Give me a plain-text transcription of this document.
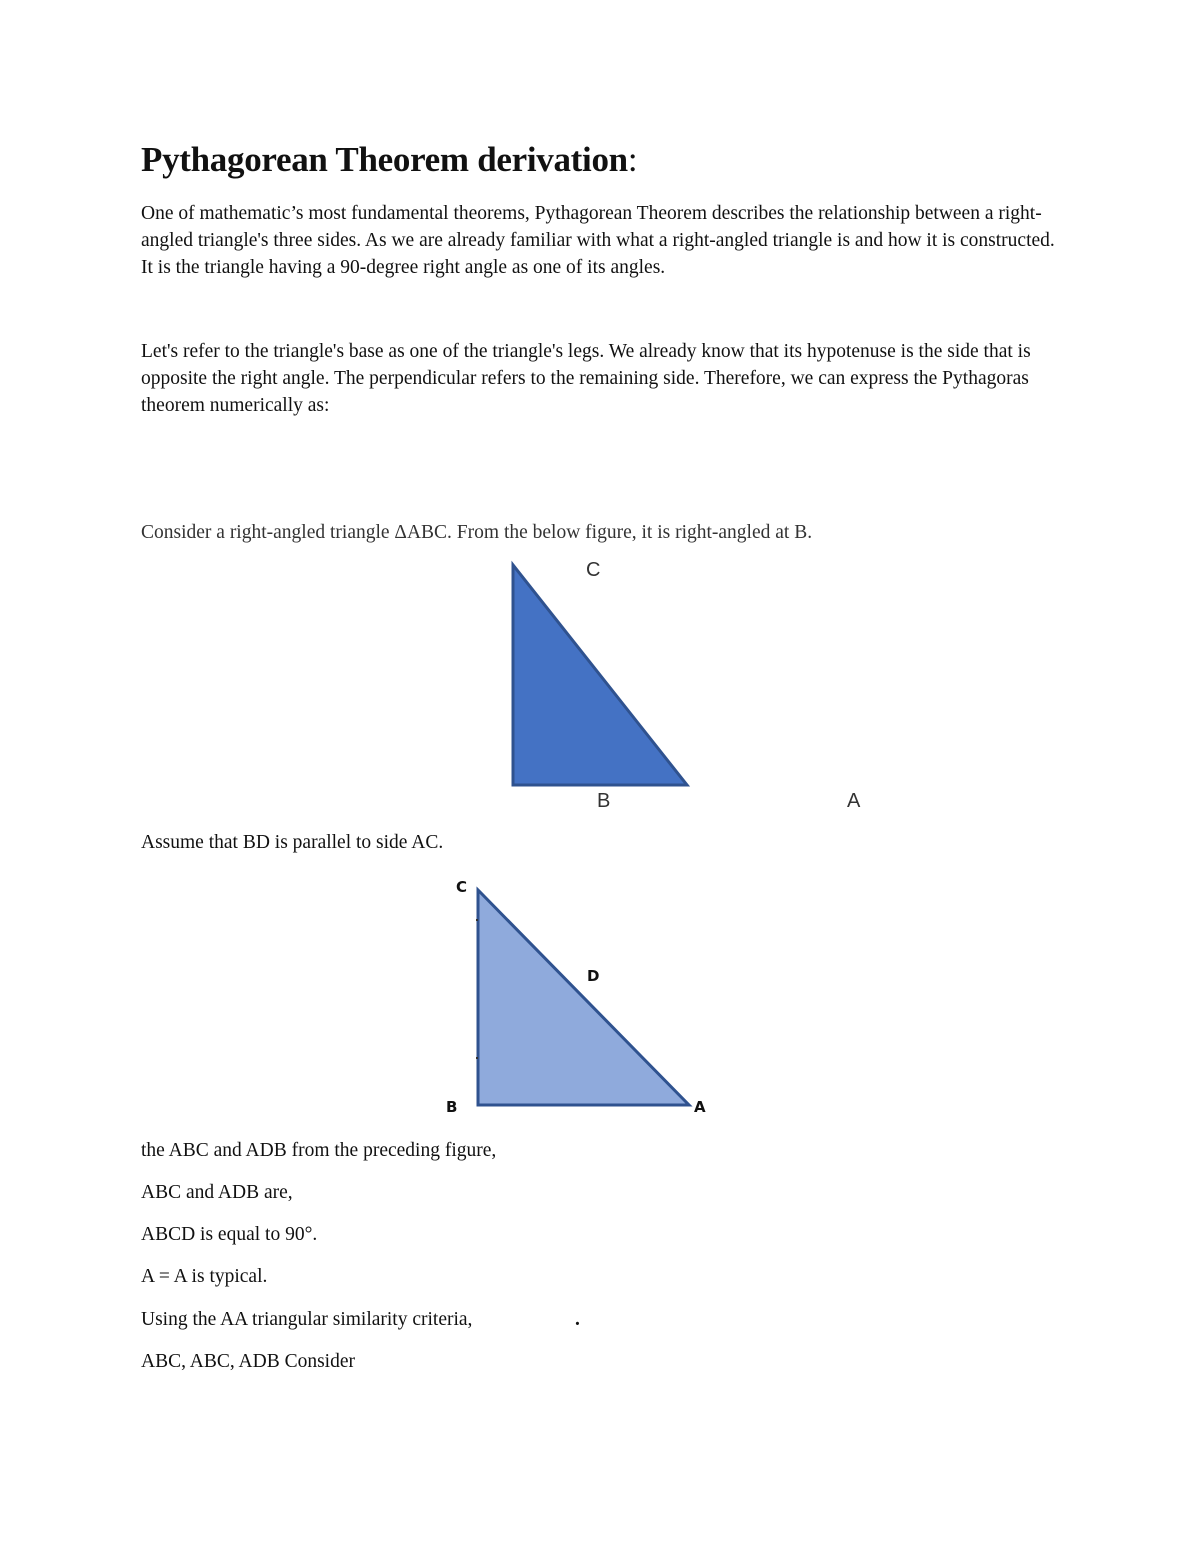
Pythagorean Theorem derivation:
One of mathematic’s most fundamental theorems, Pythagorean Theorem describes the relationship between a right-angled triangle's three sides. As we are already familiar with what a right-angled triangle is and how it is constructed. It is the triangle having a 90-degree right angle as one of its angles.
Let's refer to the triangle's base as one of the triangle's legs. We already know that its hypotenuse is the side that is opposite the right angle. The perpendicular refers to the remaining side. Therefore, we can express the Pythagoras theorem numerically as:
Consider a right-angled triangle ΔABC. From the below figure, it is right-angled at B.
C
B	A
Assume that BD is parallel to side AC.
C
D
B	A
the ABC and ADB from the preceding figure,
ABC and ADB are,
ABCD is equal to 90°.
A = A is typical.
Using the AA triangular similarity criteria,	.
ABC, ABC, ADB Consider
